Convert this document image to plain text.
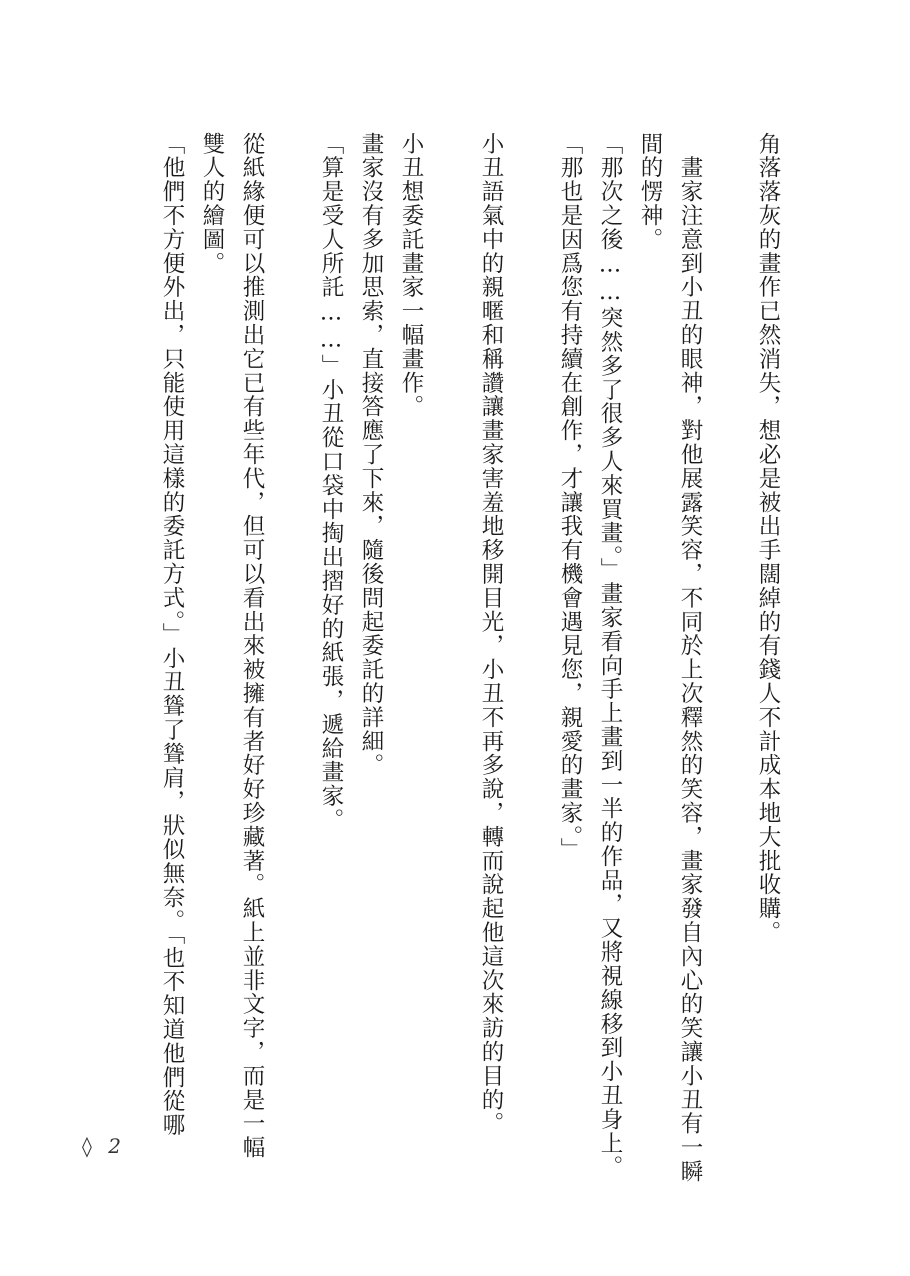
角落落灰的畫作已然消失，想必是被出手闊綽的有錢人不計成本地大批收購。
　畫家注意到小丑的眼神，對他展露笑容，不同於上次釋然的笑容，畫家發自內心的笑讓小丑有一瞬
間的愣神。
「那次之後……突然多了很多人來買畫。」畫家看向手上畫到一半的作品，又將視線移到小丑身上。
「那也是因爲您有持續在創作，才讓我有機會遇見您，親愛的畫家。」
小丑語氣中的親暱和稱讚讓畫家害羞地移開目光，小丑不再多說，轉而說起他這次來訪的目的。
小丑想委託畫家一幅畫作。
畫家沒有多加思索，直接答應了下來，隨後問起委託的詳細。
「算是受人所託……」小丑從口袋中掏出摺好的紙張，遞給畫家。
從紙緣便可以推測出它已有些年代，但可以看出來被擁有者好好珍藏著。紙上並非文字，而是一幅
雙人的繪圖。
「他們不方便外出，只能使用這樣的委託方式。」小丑聳了聳肩，狀似無奈。「也不知道他們從哪
◊ 2
